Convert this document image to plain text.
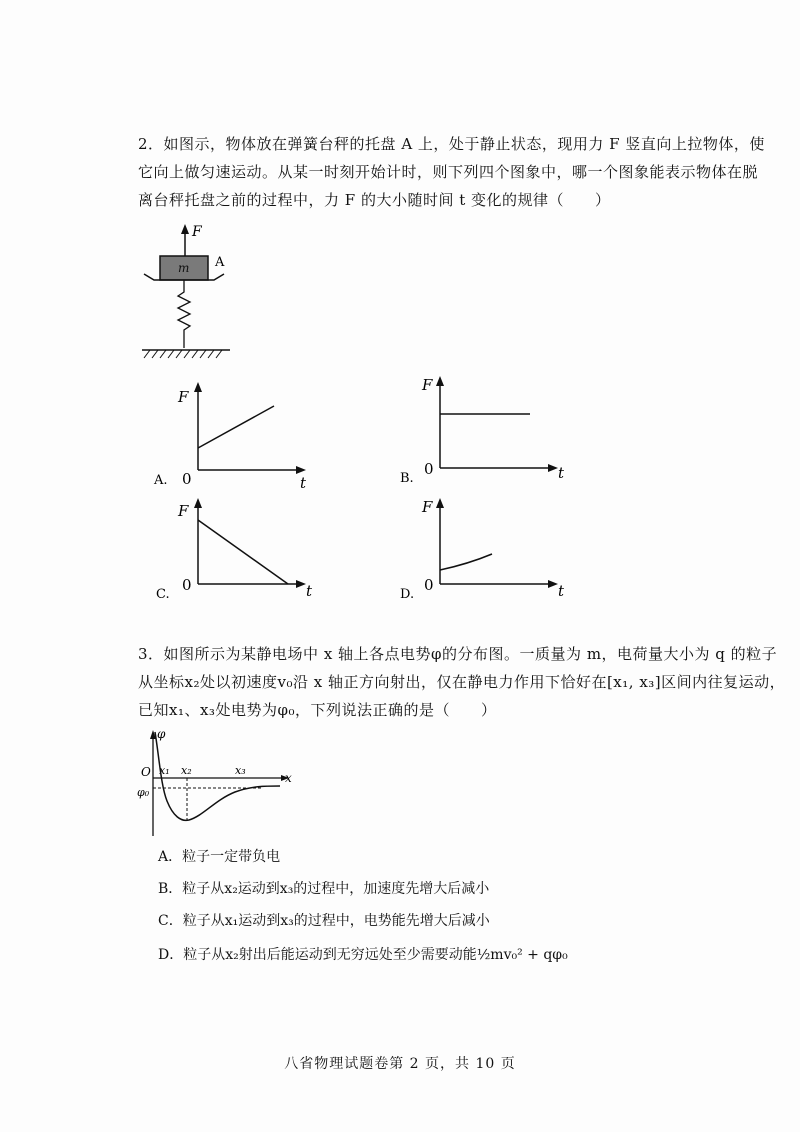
2．如图示，物体放在弹簧台秤的托盘 A 上，处于静止状态，现用力 F 竖直向上拉物体，使
它向上做匀速运动。从某一时刻开始计时，则下列四个图象中，哪一个图象能表示物体在脱
离台秤托盘之前的过程中，力 F 的大小随时间 t 变化的规律（　　）
F
m A
F
0	t
A.
F
0	t
B.
F
0	t
C.
F
0	t
D.
3．如图所示为某静电场中 x 轴上各点电势φ的分布图。一质量为 m，电荷量大小为 q 的粒子
从坐标x₂处以初速度v₀沿 x 轴正方向射出，仅在静电力作用下恰好在[x₁, x₃]区间内往复运动，
已知x₁、x₃处电势为φ₀，下列说法正确的是（　　）
φ
x
O
φ₀
x₁ x₂	x₃
A．粒子一定带负电
B．粒子从x₂运动到x₃的过程中，加速度先增大后减小
C．粒子从x₁运动到x₃的过程中，电势能先增大后减小
D．粒子从x₂射出后能运动到无穷远处至少需要动能½mv₀² + qφ₀
八省物理试题卷第 2 页，共 10 页
